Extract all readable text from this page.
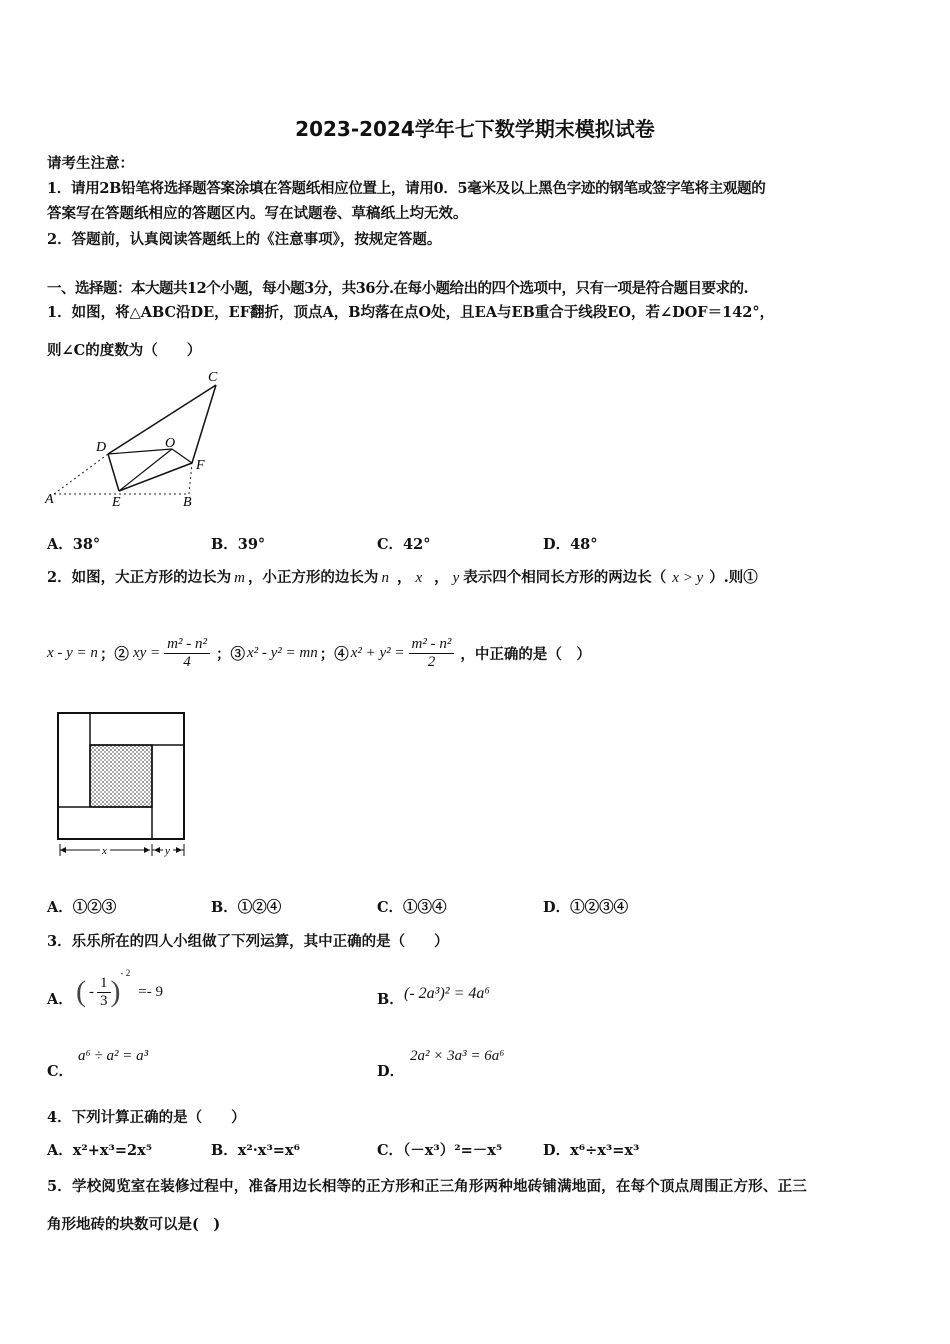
2023-2024学年七下数学期末模拟试卷
请考生注意：
1．请用2B铅笔将选择题答案涂填在答题纸相应位置上，请用0．5毫米及以上黑色字迹的钢笔或签字笔将主观题的
答案写在答题纸相应的答题区内。写在试题卷、草稿纸上均无效。
2．答题前，认真阅读答题纸上的《注意事项》，按规定答题。
一、选择题：本大题共12个小题，每小题3分，共36分.在每小题给出的四个选项中，只有一项是符合题目要求的.
1．如图，将△ABC沿DE，EF翻折，顶点A，B均落在点O处，且EA与EB重合于线段EO，若∠DOF＝142°，
则∠C的度数为（　　）
A	B
C
D
E
F
O
A．38°	B．39°	C．42°	D．48°
2．如图，大正方形的边长为 m ，小正方形的边长为 n ， x ， y 表示四个相同长方形的两边长（ x > y ）.则①
x - y = n ；② xy = $\frac{\text{m² - n²}}{4}$ ；③ x² - y² = mn ；④ $x^2 + y^2 = \frac{\text{m² - n²}}{2}$ ，中正确的是（　）
x	y
A．①②③	B．①②④	C．①③④	D．①②③④
3．乐乐所在的四人小组做了下列运算，其中正确的是（　　）
A． ( - $\frac{1}{3}$ )
- 2
=- 9	B． (- 2a³)² = 4a⁶
C．
a⁶ ÷ a² = a³
D．
2a² × 3a³ = 6a⁶
4．下列计算正确的是（　　）
A．x²+x³=2x⁵	B．x²·x³=x⁶	C．（－x³）²=－x⁵	D．x⁶÷x³=x³
5．学校阅览室在装修过程中，准备用边长相等的正方形和正三角形两种地砖铺满地面，在每个顶点周围正方形、正三
角形地砖的块数可以是(　)
